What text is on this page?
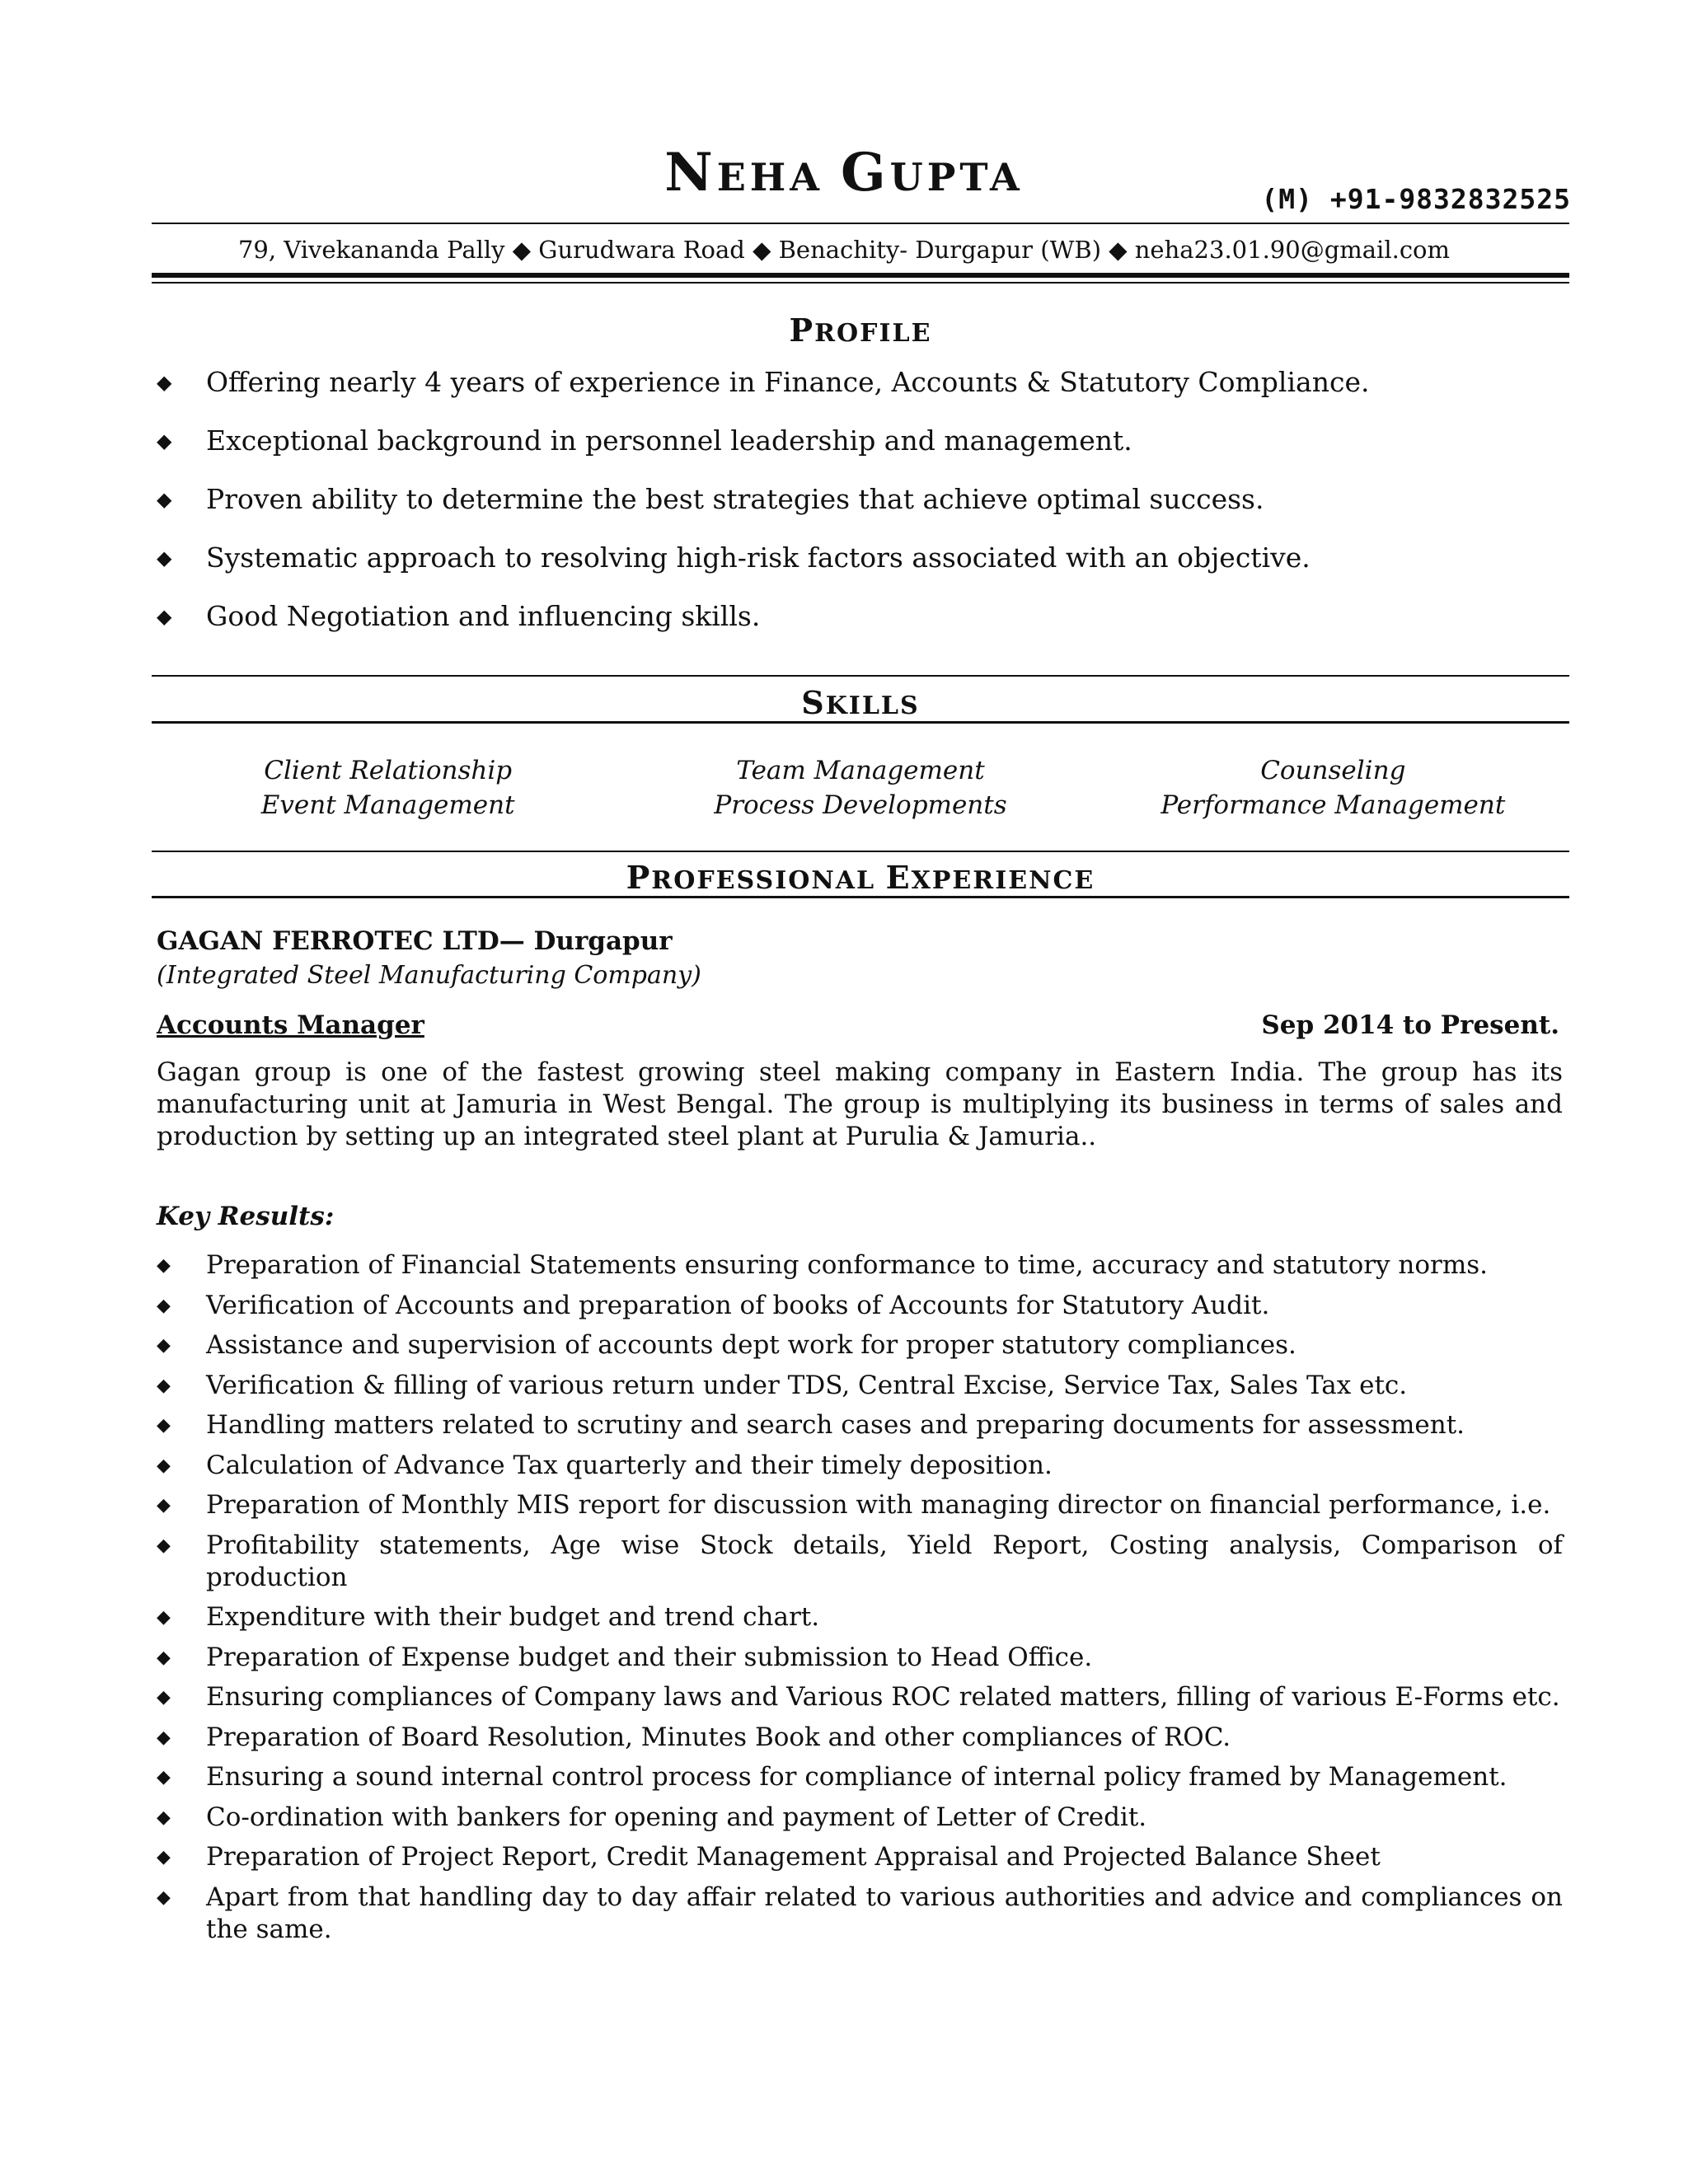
NEHA GUPTA	(M) +91-9832832525
79, Vivekananda Pally ◆ Gurudwara Road ◆ Benachity- Durgapur (WB) ◆ neha23.01.90@gmail.com
PROFILE
◆ Offering nearly 4 years of experience in Finance, Accounts & Statutory Compliance.
◆ Exceptional background in personnel leadership and management.
◆ Proven ability to determine the best strategies that achieve optimal success.
◆ Systematic approach to resolving high-risk factors associated with an objective.
◆ Good Negotiation and influencing skills.
SKILLS
Client Relationship	Team Management	Counseling
Event Management	Process Developments	Performance Management
PROFESSIONAL EXPERIENCE
GAGAN FERROTEC LTD— Durgapur
(Integrated Steel Manufacturing Company)
Accounts Manager	Sep 2014 to Present.

Gagan group is one of the fastest growing steel making company in Eastern India. The group has its manufacturing unit at Jamuria in West Bengal. The group is multiplying its business in terms of sales and production by setting up an integrated steel plant at Purulia & Jamuria..

Key Results:
◆ Preparation of Financial Statements ensuring conformance to time, accuracy and statutory norms.
◆ Verification of Accounts and preparation of books of Accounts for Statutory Audit.
◆ Assistance and supervision of accounts dept work for proper statutory compliances.
◆ Verification & filling of various return under TDS, Central Excise, Service Tax, Sales Tax etc.
◆ Handling matters related to scrutiny and search cases and preparing documents for assessment.
◆ Calculation of Advance Tax quarterly and their timely deposition.
◆ Preparation of Monthly MIS report for discussion with managing director on financial performance, i.e.
◆ Profitability statements, Age wise Stock details, Yield Report, Costing analysis, Comparison of production
◆ Expenditure with their budget and trend chart.
◆ Preparation of Expense budget and their submission to Head Office.
◆ Ensuring compliances of Company laws and Various ROC related matters, filling of various E-Forms etc.
◆ Preparation of Board Resolution, Minutes Book and other compliances of ROC.
◆ Ensuring a sound internal control process for compliance of internal policy framed by Management.
◆ Co-ordination with bankers for opening and payment of Letter of Credit.
◆ Preparation of Project Report, Credit Management Appraisal and Projected Balance Sheet
◆ Apart from that handling day to day affair related to various authorities and advice and compliances on the same.
